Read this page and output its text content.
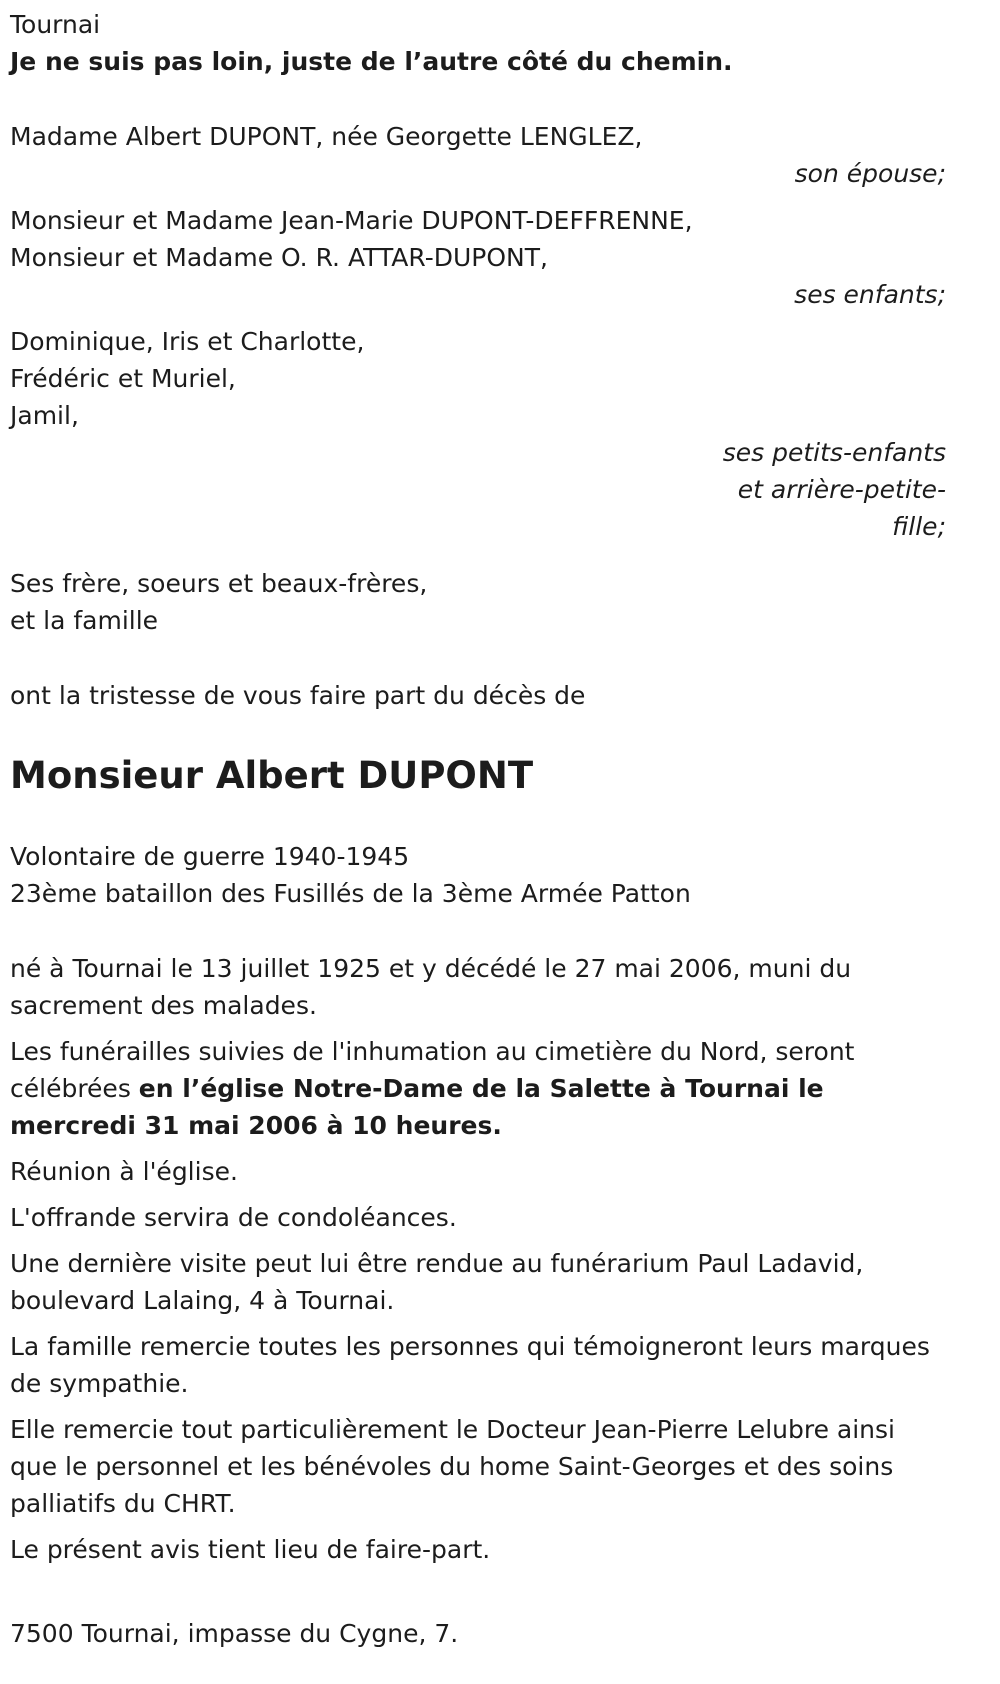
Tournai

Je ne suis pas loin, juste de l’autre côté du chemin.

Madame Albert DUPONT, née Georgette LENGLEZ,

son épouse;

Monsieur et Madame Jean-Marie DUPONT-DEFFRENNE,

Monsieur et Madame O. R. ATTAR-DUPONT,

ses enfants;

Dominique, Iris et Charlotte,

Frédéric et Muriel,

Jamil,

ses petits-enfants

et arrière-petite-

fille;

Ses frère, soeurs et beaux-frères,

et la famille

ont la tristesse de vous faire part du décès de

Monsieur Albert DUPONT

Volontaire de guerre 1940-1945

23ème bataillon des Fusillés de la 3ème Armée Patton

né à Tournai le 13 juillet 1925 et y décédé le 27 mai 2006, muni du sacrement des malades.

Les funérailles suivies de l'inhumation au cimetière du Nord, seront célébrées en l’église Notre-Dame de la Salette à Tournai le mercredi 31 mai 2006 à 10 heures.

Réunion à l'église.

L'offrande servira de condoléances.

Une dernière visite peut lui être rendue au funérarium Paul Ladavid, boulevard Lalaing, 4 à Tournai.

La famille remercie toutes les personnes qui témoigneront leurs marques de sympathie.

Elle remercie tout particulièrement le Docteur Jean-Pierre Lelubre ainsi que le personnel et les bénévoles du home Saint-Georges et des soins palliatifs du CHRT.

Le présent avis tient lieu de faire-part.

7500 Tournai, impasse du Cygne, 7.
